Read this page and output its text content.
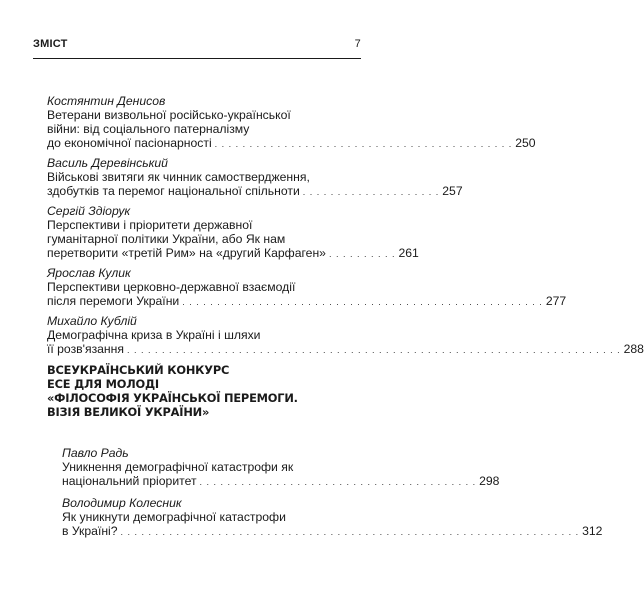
ЗМІСТ	7
Костянтин Денисов
Ветерани визвольної російсько-української
війни: від соціального патерналізму
до економічної пасіонарності . . . . . . . . . . . . . . . . . . . . . . . . . . . . . . . . . . . . . . . . . . . 250
Василь Деревінський
Військові звитяги як чинник самоствердження,
здобутків та перемог національної спільноти . . . . . . . . . . . . . . . . . . . . 257
Сергій Здіорук
Перспективи і пріоритети державної
гуманітарної політики України, або Як нам
перетворити «третій Рим» на «другий Карфаген» . . . . . . . . . . 261
Ярослав Кулик
Перспективи церковно-державної взаємодії
після перемоги України . . . . . . . . . . . . . . . . . . . . . . . . . . . . . . . . . . . . . . . . . . . . . . . . . . . . 277
Михайло Кублій
Демографічна криза в Україні і шляхи
її розв'язання . . . . . . . . . . . . . . . . . . . . . . . . . . . . . . . . . . . . . . . . . . . . . . . . . . . . . . . . . . . . . . . . . . . . . . . 288
ВСЕУКРАЇНСЬКИЙ КОНКУРС
ЕСЕ ДЛЯ МОЛОДІ
«ФІЛОСОФІЯ УКРАЇНСЬКОЇ ПЕРЕМОГИ.
ВІЗІЯ ВЕЛИКОЇ УКРАЇНИ»
Павло Радь
Уникнення демографічної катастрофи як
національний пріоритет . . . . . . . . . . . . . . . . . . . . . . . . . . . . . . . . . . . . . . . . 298
Володимир Колесник
Як уникнути демографічної катастрофи
в Україні? . . . . . . . . . . . . . . . . . . . . . . . . . . . . . . . . . . . . . . . . . . . . . . . . . . . . . . . . . . . . . . . . . . 312
